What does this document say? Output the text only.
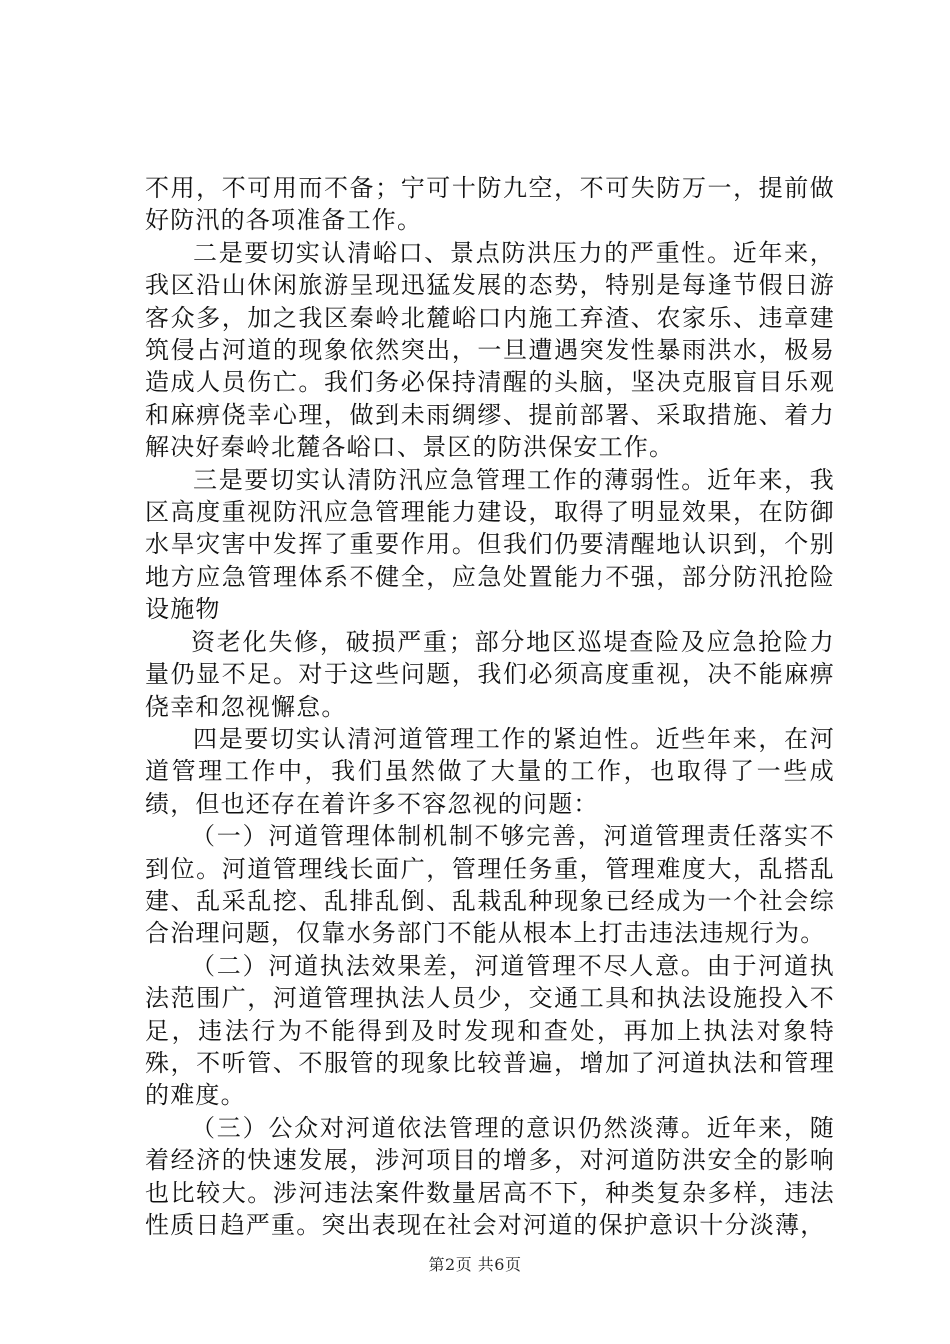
不用，不可用而不备；宁可十防九空，不可失防万一，提前做好防汛的各项准备工作。

二是要切实认清峪口、景点防洪压力的严重性。近年来，我区沿山休闲旅游呈现迅猛发展的态势，特别是每逢节假日游客众多，加之我区秦岭北麓峪口内施工弃渣、农家乐、违章建筑侵占河道的现象依然突出，一旦遭遇突发性暴雨洪水，极易造成人员伤亡。我们务必保持清醒的头脑，坚决克服盲目乐观和麻痹侥幸心理，做到未雨绸缪、提前部署、采取措施、着力解决好秦岭北麓各峪口、景区的防洪保安工作。

三是要切实认清防汛应急管理工作的薄弱性。近年来，我区高度重视防汛应急管理能力建设，取得了明显效果，在防御水旱灾害中发挥了重要作用。但我们仍要清醒地认识到，个别地方应急管理体系不健全，应急处置能力不强，部分防汛抢险设施物

资老化失修，破损严重；部分地区巡堤查险及应急抢险力量仍显不足。对于这些问题，我们必须高度重视，决不能麻痹侥幸和忽视懈怠。

四是要切实认清河道管理工作的紧迫性。近些年来，在河道管理工作中，我们虽然做了大量的工作，也取得了一些成绩，但也还存在着许多不容忽视的问题：

（一）河道管理体制机制不够完善，河道管理责任落实不到位。河道管理线长面广，管理任务重，管理难度大，乱搭乱建、乱采乱挖、乱排乱倒、乱栽乱种现象已经成为一个社会综合治理问题，仅靠水务部门不能从根本上打击违法违规行为。

（二）河道执法效果差，河道管理不尽人意。由于河道执法范围广，河道管理执法人员少，交通工具和执法设施投入不足，违法行为不能得到及时发现和查处，再加上执法对象特殊，不听管、不服管的现象比较普遍，增加了河道执法和管理的难度。

（三）公众对河道依法管理的意识仍然淡薄。近年来，随着经济的快速发展，涉河项目的增多，对河道防洪安全的影响也比较大。涉河违法案件数量居高不下，种类复杂多样，违法性质日趋严重。突出表现在社会对河道的保护意识十分淡薄，

第2页 共6页
